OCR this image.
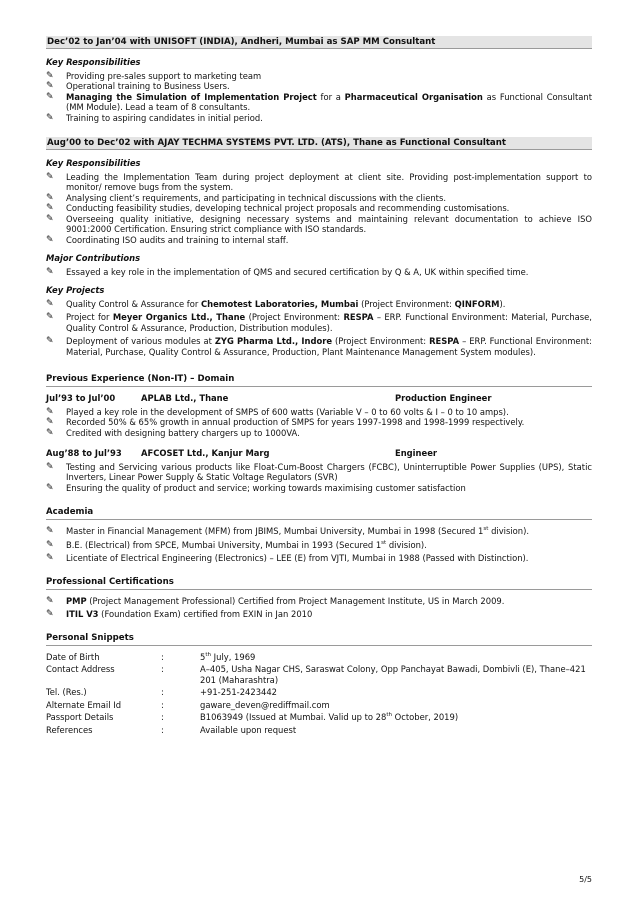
Dec’02 to Jan’04 with UNISOFT (INDIA), Andheri, Mumbai as SAP MM Consultant
Key Responsibilities
✎	Providing pre-sales support to marketing team
✎	Operational training to Business Users.
✎	Managing the Simulation of Implementation Project for a Pharmaceutical Organisation as Functional Consultant (MM Module). Lead a team of 8 consultants.
✎	Training to aspiring candidates in initial period.
Aug’00 to Dec’02 with AJAY TECHMA SYSTEMS PVT. LTD. (ATS), Thane as Functional Consultant
Key Responsibilities
✎	Leading the Implementation Team during project deployment at client site. Providing post-implementation support to monitor/ remove bugs from the system.
✎	Analysing client’s requirements, and participating in technical discussions with the clients.
✎	Conducting feasibility studies, developing technical project proposals and recommending customisations.
✎	Overseeing quality initiative, designing necessary systems and maintaining relevant documentation to achieve ISO 9001:2000 Certification. Ensuring strict compliance with ISO standards.
✎	Coordinating ISO audits and training to internal staff.
Major Contributions
✎	Essayed a key role in the implementation of QMS and secured certification by Q & A, UK within specified time.
Key Projects
✎	Quality Control & Assurance for Chemotest Laboratories, Mumbai (Project Environment: QINFORM).
✎	Project for Meyer Organics Ltd., Thane (Project Environment: RESPA – ERP. Functional Environment: Material, Purchase, Quality Control & Assurance, Production, Distribution modules).
✎	Deployment of various modules at ZYG Pharma Ltd., Indore (Project Environment: RESPA – ERP. Functional Environment: Material, Purchase, Quality Control & Assurance, Production, Plant Maintenance Management System modules).
Previous Experience (Non-IT) – Domain
Jul’93 to Jul’00	APLAB Ltd., Thane	Production Engineer
✎	Played a key role in the development of SMPS of 600 watts (Variable V – 0 to 60 volts & I – 0 to 10 amps).
✎	Recorded 50% & 65% growth in annual production of SMPS for years 1997-1998 and 1998-1999 respectively.
✎	Credited with designing battery chargers up to 1000VA.
Aug’88 to Jul’93	AFCOSET Ltd., Kanjur Marg	Engineer
✎	Testing and Servicing various products like Float-Cum-Boost Chargers (FCBC), Uninterruptible Power Supplies (UPS), Static Inverters, Linear Power Supply & Static Voltage Regulators (SVR)
✎	Ensuring the quality of product and service; working towards maximising customer satisfaction
Academia
✎	Master in Financial Management (MFM) from JBIMS, Mumbai University, Mumbai in 1998 (Secured 1st division).
✎	B.E. (Electrical) from SPCE, Mumbai University, Mumbai in 1993 (Secured 1st division).
✎	Licentiate of Electrical Engineering (Electronics) – LEE (E) from VJTI, Mumbai in 1988 (Passed with Distinction).
Professional Certifications
✎	PMP (Project Management Professional) Certified from Project Management Institute, US in March 2009.
✎	ITIL V3 (Foundation Exam) certified from EXIN in Jan 2010
Personal Snippets
Date of Birth	:	5th July, 1969
Contact Address	:	A–405, Usha Nagar CHS, Saraswat Colony, Opp Panchayat Bawadi, Dombivli (E), Thane–421 201 (Maharashtra)
Tel. (Res.)	:	+91-251-2423442
Alternate Email Id	:	gaware_deven@rediffmail.com
Passport Details	:	B1063949 (Issued at Mumbai. Valid up to 28th October, 2019)
References	:	Available upon request
5/5
